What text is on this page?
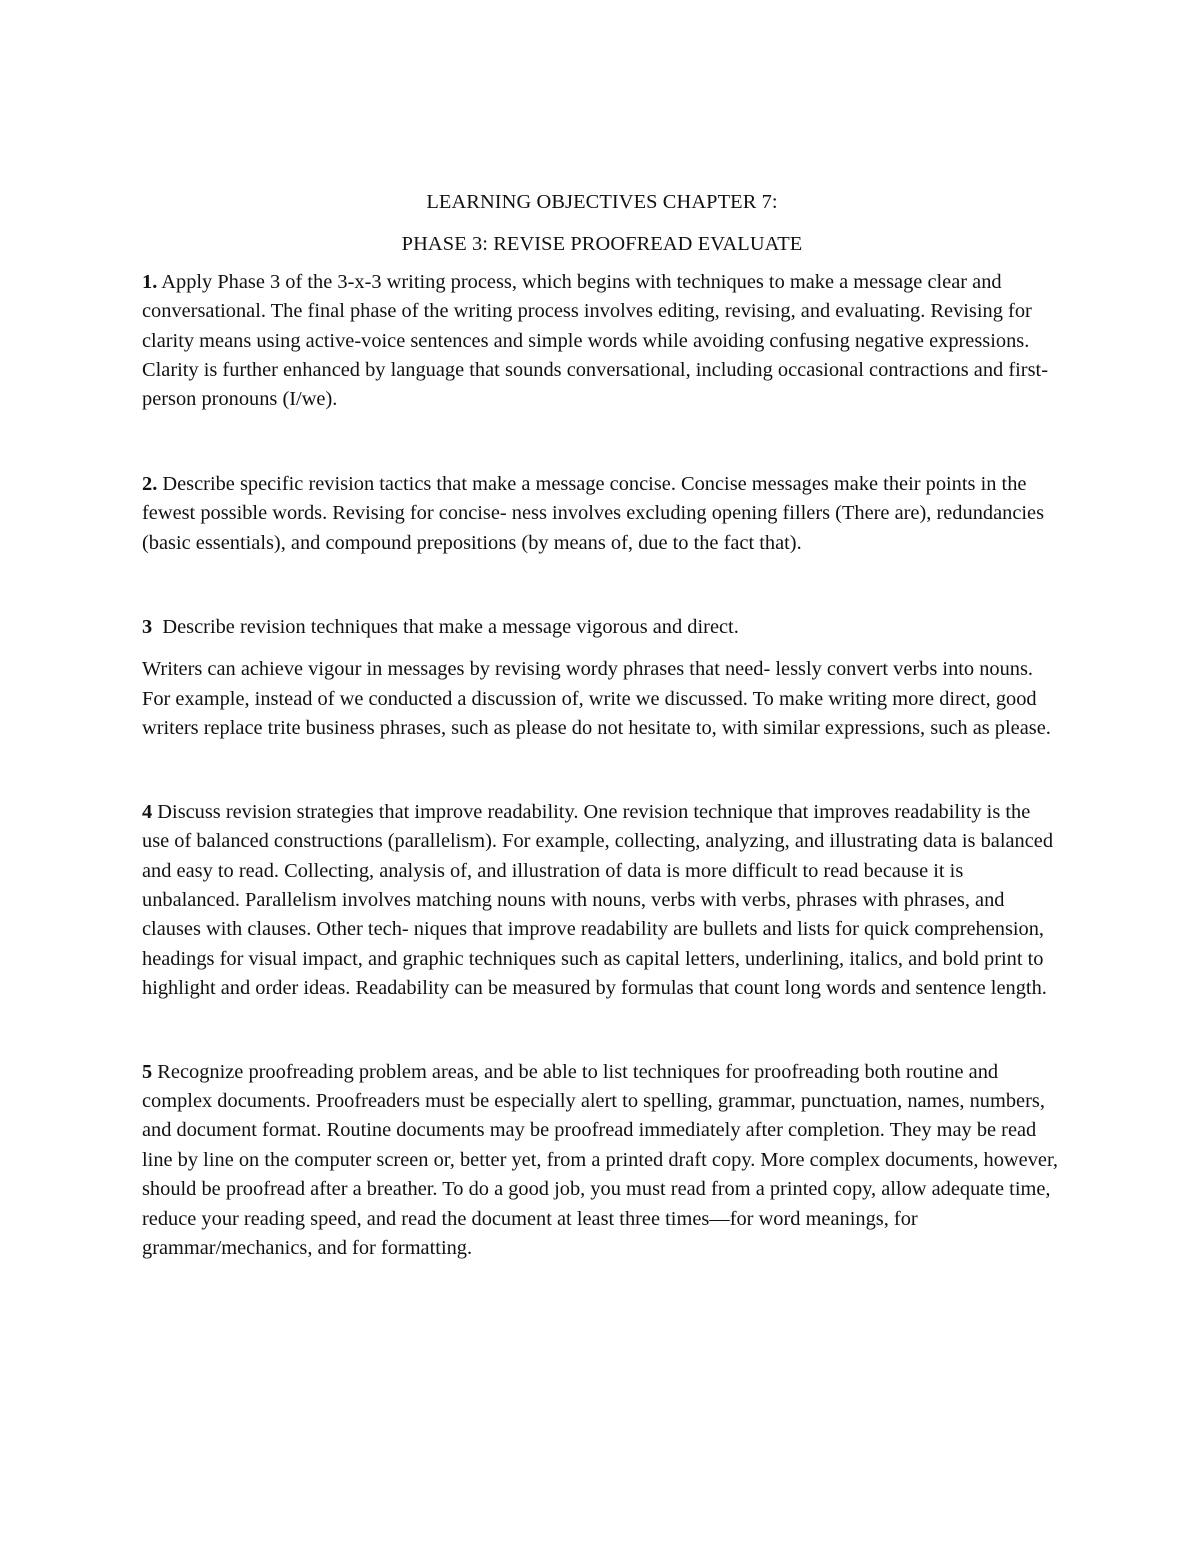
LEARNING OBJECTIVES CHAPTER 7:
PHASE 3: REVISE PROOFREAD EVALUATE

1. Apply Phase 3 of the 3-x-3 writing process, which begins with techniques to make a message clear and conversational. The final phase of the writing process involves editing, revising, and evaluating. Revising for clarity means using active-voice sentences and simple words while avoiding confusing negative expressions. Clarity is further enhanced by language that sounds conversational, including occasional contractions and first-person pronouns (I/we).

2. Describe specific revision tactics that make a message concise. Concise messages make their points in the fewest possible words. Revising for concise- ness involves excluding opening fillers (There are), redundancies (basic essentials), and compound prepositions (by means of, due to the fact that).

3  Describe revision techniques that make a message vigorous and direct.

Writers can achieve vigour in messages by revising wordy phrases that need- lessly convert verbs into nouns. For example, instead of we conducted a discussion of, write we discussed. To make writing more direct, good writers replace trite business phrases, such as please do not hesitate to, with similar expressions, such as please.

4 Discuss revision strategies that improve readability. One revision technique that improves readability is the use of balanced constructions (parallelism). For example, collecting, analyzing, and illustrating data is balanced and easy to read. Collecting, analysis of, and illustration of data is more difficult to read because it is unbalanced. Parallelism involves matching nouns with nouns, verbs with verbs, phrases with phrases, and clauses with clauses. Other tech- niques that improve readability are bullets and lists for quick comprehension, headings for visual impact, and graphic techniques such as capital letters, underlining, italics, and bold print to highlight and order ideas. Readability can be measured by formulas that count long words and sentence length.

5 Recognize proofreading problem areas, and be able to list techniques for proofreading both routine and complex documents. Proofreaders must be especially alert to spelling, grammar, punctuation, names, numbers, and document format. Routine documents may be proofread immediately after completion. They may be read line by line on the computer screen or, better yet, from a printed draft copy. More complex documents, however, should be proofread after a breather. To do a good job, you must read from a printed copy, allow adequate time, reduce your reading speed, and read the document at least three times—for word meanings, for grammar/mechanics, and for formatting.
